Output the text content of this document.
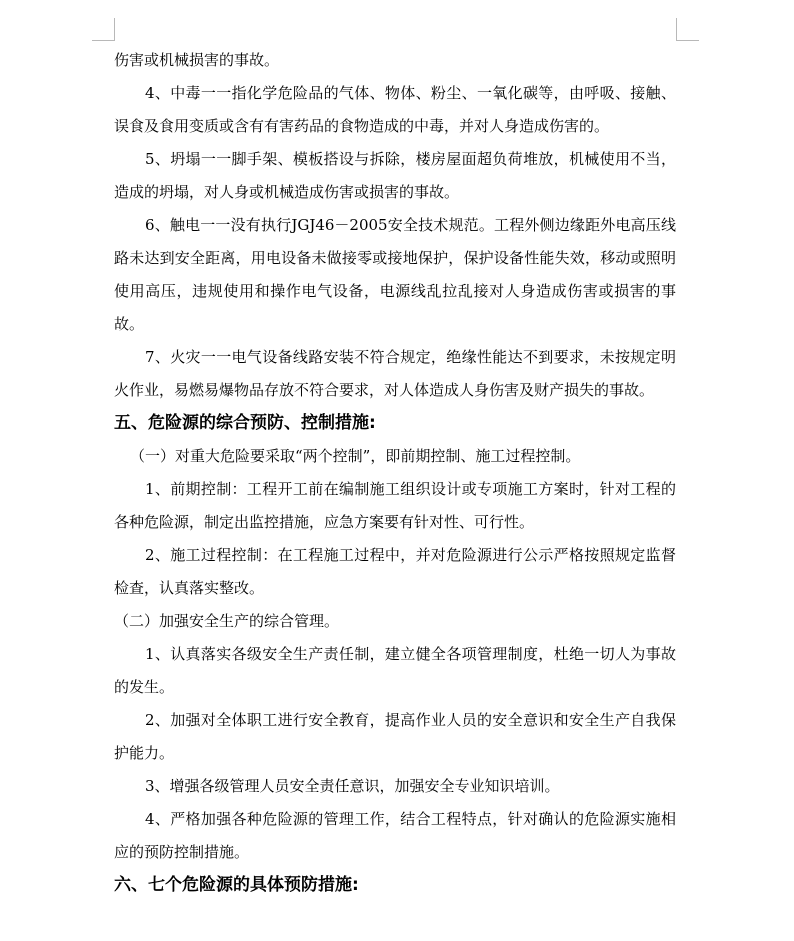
伤害或机械损害的事故。

4、中毒一一指化学危险品的气体、物体、粉尘、一氧化碳等，由呼吸、接触、误食及食用变质或含有有害药品的食物造成的中毒，并对人身造成伤害的。

5、坍塌一一脚手架、模板搭设与拆除，楼房屋面超负荷堆放，机械使用不当，造成的坍塌，对人身或机械造成伤害或损害的事故。

6、触电一一没有执行JGJ46－2005安全技术规范。工程外侧边缘距外电高压线路未达到安全距离，用电设备未做接零或接地保护，保护设备性能失效，移动或照明使用高压，违规使用和操作电气设备，电源线乱拉乱接对人身造成伤害或损害的事故。

7、火灾一一电气设备线路安装不符合规定，绝缘性能达不到要求，未按规定明火作业，易燃易爆物品存放不符合要求，对人体造成人身伤害及财产损失的事故。

五、危险源的综合预防、控制措施:

（一）对重大危险要采取“两个控制”，即前期控制、施工过程控制。

1、前期控制：工程开工前在编制施工组织设计或专项施工方案时，针对工程的各种危险源，制定出监控措施，应急方案要有针对性、可行性。

2、施工过程控制：在工程施工过程中，并对危险源进行公示严格按照规定监督检查，认真落实整改。

（二）加强安全生产的综合管理。

1、认真落实各级安全生产责任制，建立健全各项管理制度，杜绝一切人为事故的发生。

2、加强对全体职工进行安全教育，提高作业人员的安全意识和安全生产自我保护能力。

3、增强各级管理人员安全责任意识，加强安全专业知识培训。

4、严格加强各种危险源的管理工作，结合工程特点，针对确认的危险源实施相应的预防控制措施。

六、七个危险源的具体预防措施:
